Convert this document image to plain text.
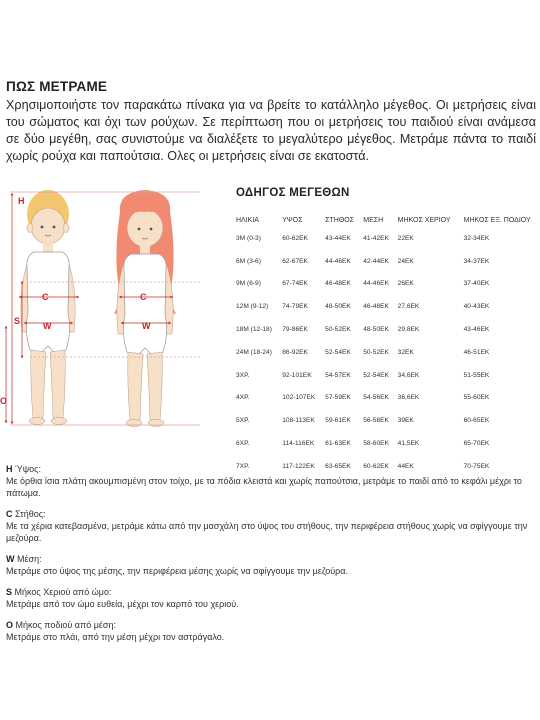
ΠΩΣ ΜΕΤΡΑΜΕ

Χρησιμοποιήστε τον παρακάτω πίνακα για να βρείτε το κατάλληλο μέγεθος. Οι μετρήσεις είναι του σώματος και όχι των ρούχων. Σε περίπτωση που οι μετρήσεις του παιδιού είναι ανάμεσα σε δύο μεγέθη, σας συνιστούμε να διαλέξετε το μεγαλύτερο μέγεθος. Μετράμε πάντα το παιδί χωρίς ρούχα και παπούτσια. Ολες οι μετρήσεις είναι σε εκατοστά.

H
C	C
W	W
S
O
ΟΔΗΓΟΣ ΜΕΓΕΘΩΝ
ΗΛΙΚΙΑ	ΥΨΟΣ	ΣΤΗΘΟΣ	ΜΕΣΗ	ΜΗΚΟΣ ΧΕΡΙΟΥ	ΜΗΚΟΣ ΕΞ. ΠΟΔΙΟΥ
3M (0-3)	60-62ΕΚ	43-44ΕΚ	41-42ΕΚ	22ΕΚ	32-34ΕΚ
6M (3-6)	62-67ΕΚ	44-46ΕΚ	42-44ΕΚ	24ΕΚ	34-37ΕΚ
9M (6-9)	67-74ΕΚ	46-48ΕΚ	44-46ΕΚ	26ΕΚ	37-40ΕΚ
12M (9-12)	74-79ΕΚ	48-50ΕΚ	46-48ΕΚ	27,6ΕΚ	40-43ΕΚ
18M (12-18)	79-86ΕΚ	50-52ΕΚ	48-50ΕΚ	29,8ΕΚ	43-46ΕΚ
24M (18-24)	86-92ΕΚ	52-54ΕΚ	50-52ΕΚ	32ΕΚ	46-51ΕΚ
3ΧΡ.	92-101ΕΚ	54-57ΕΚ	52-54ΕΚ	34,6ΕΚ	51-55ΕΚ
4ΧΡ.	102-107ΕΚ	57-59ΕΚ	54-56ΕΚ	36,6ΕΚ	55-60ΕΚ
5ΧΡ.	108-113ΕΚ	59-61ΕΚ	56-58ΕΚ	39ΕΚ	60-65ΕΚ
6ΧΡ.	114-116ΕΚ	61-63ΕΚ	58-60ΕΚ	41,5ΕΚ	65-70ΕΚ
7ΧΡ.	117-122ΕΚ	63-65ΕΚ	60-62ΕΚ	44ΕΚ	70-75ΕΚ

H Ύψος:
Με όρθια ίσια πλάτη ακουμπισμένη στον τοίχο, με τα πόδια κλειστά και χωρίς παπούτσια, μετράμε το παιδί από το κεφάλι μέχρι το πάτωμα.

C Στήθος:
Με τα χέρια κατεβασμένα, μετράμε κάτω από την μασχάλη στο ύψος του στήθους, την περιφέρεια στήθους χωρίς να σφίγγουμε την μεζούρα.

W Μέση:
Μετράμε στο ύψος της μέσης, την περιφέρεια μέσης χωρίς να σφίγγουμε την μεζούρα.

S Μήκος Χεριού από ώμο:
Μετράμε από τον ώμο ευθεία, μέχρι τον καρπό του χεριού.

O Μήκος ποδιού από μέση:
Μετράμε στο πλάι, από την μέση μέχρι τον αστράγαλο.
